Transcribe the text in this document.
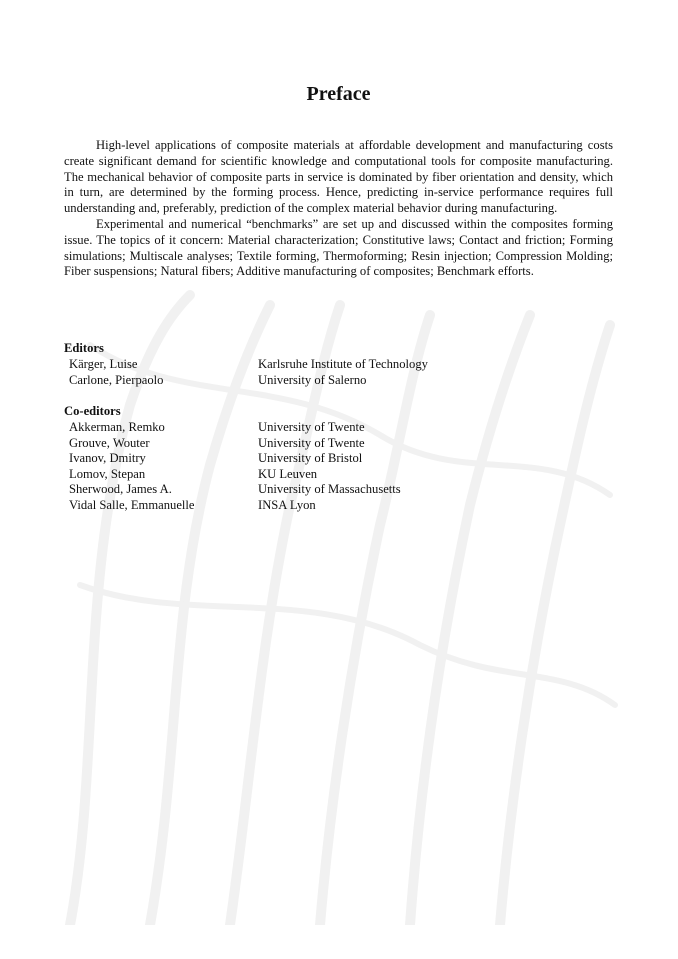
Preface

High-level applications of composite materials at affordable development and manufacturing costs create significant demand for scientific knowledge and computational tools for composite manufacturing. The mechanical behavior of composite parts in service is dominated by fiber orientation and density, which in turn, are determined by the forming process. Hence, predicting in-service performance requires full understanding and, preferably, prediction of the complex material behavior during manufacturing.

Experimental and numerical “benchmarks” are set up and discussed within the composites forming issue. The topics of it concern: Material characterization; Constitutive laws; Contact and friction; Forming simulations; Multiscale analyses; Textile forming, Thermoforming; Resin injection; Compression Molding; Fiber suspensions; Natural fibers; Additive manufacturing of composites; Benchmark efforts.

Editors
Kärger, Luise	Karlsruhe Institute of Technology
Carlone, Pierpaolo	University of Salerno
Co-editors
Akkerman, Remko	University of Twente
Grouve, Wouter	University of Twente
Ivanov, Dmitry	University of Bristol
Lomov, Stepan	KU Leuven
Sherwood, James A.	University of Massachusetts
Vidal Salle, Emmanuelle	INSA Lyon
